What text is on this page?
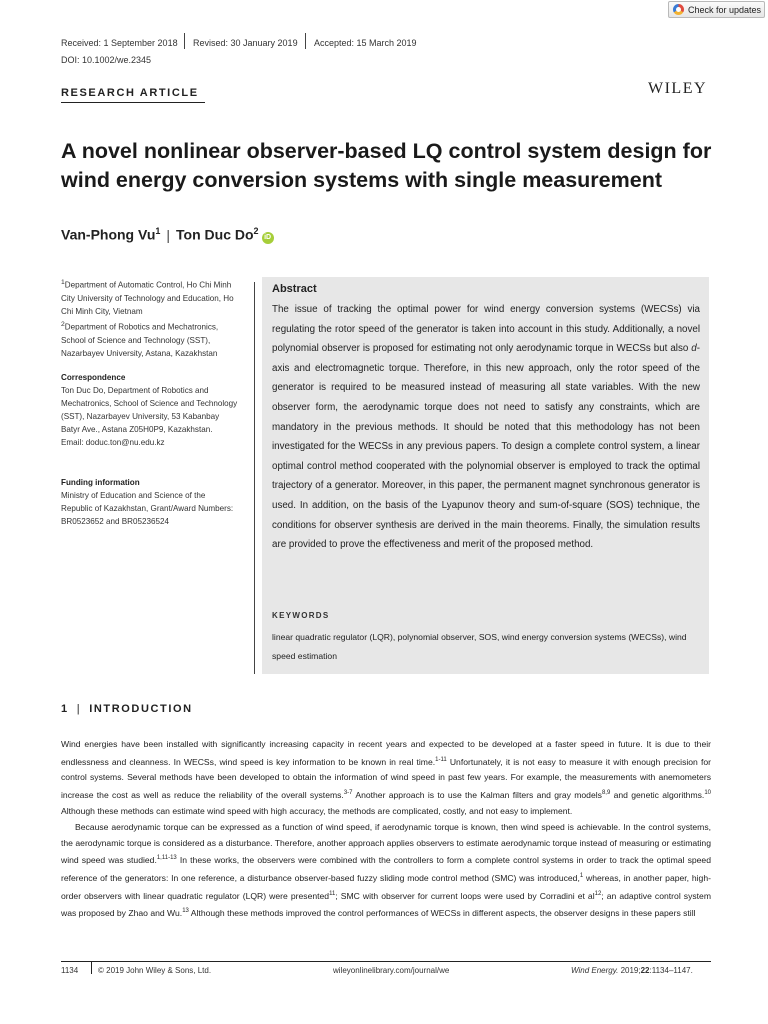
Check for updates
Received: 1 September 2018 Revised: 30 January 2019 Accepted: 15 March 2019
DOI: 10.1002/we.2345
RESEARCH ARTICLE	WILEY
A novel nonlinear observer-based LQ control system design for wind energy conversion systems with single measurement
Van-Phong Vu$^1$ | Ton Duc Do$^2$iD
$^1$Department of Automatic Control, Ho Chi Minh City University of Technology and Education, Ho Chi Minh City, Vietnam
$^2$Department of Robotics and Mechatronics, School of Science and Technology (SST), Nazarbayev University, Astana, Kazakhstan
Correspondence
Ton Duc Do, Department of Robotics and Mechatronics, School of Science and Technology (SST), Nazarbayev University, 53 Kabanbay Batyr Ave., Astana Z05H0P9, Kazakhstan.
Email: doduc.ton@nu.edu.kz
Funding information
Ministry of Education and Science of the Republic of Kazakhstan, Grant/Award Numbers: BR0523652 and BR05236524
Abstract
The issue of tracking the optimal power for wind energy conversion systems (WECSs) via regulating the rotor speed of the generator is taken into account in this study. Additionally, a novel polynomial observer is proposed for estimating not only aerodynamic torque in WECSs but also d-axis and electromagnetic torque. Therefore, in this new approach, only the rotor speed of the generator is required to be measured instead of measuring all state variables. With the new observer form, the aerodynamic torque does not need to satisfy any constraints, which are mandatory in the previous methods. It should be noted that this methodology has not been investigated for the WECSs in any previous papers. To design a complete control system, a linear optimal control method cooperated with the polynomial observer is employed to track the optimal trajectory of a generator. Moreover, in this paper, the permanent magnet synchronous generator is used. In addition, on the basis of the Lyapunov theory and sum-of-square (SOS) technique, the conditions for observer synthesis are derived in the main theorems. Finally, the simulation results are provided to prove the effectiveness and merit of the proposed method.
KEYWORDS
linear quadratic regulator (LQR), polynomial observer, SOS, wind energy conversion systems (WECSs), wind speed estimation
1 | INTRODUCTION

Wind energies have been installed with significantly increasing capacity in recent years and expected to be developed at a faster speed in future. It is due to their endlessness and cleanness. In WECSs, wind speed is key information to be known in real time.$^{1-11}$ Unfortunately, it is not easy to measure it with enough precision for control systems. Several methods have been developed to obtain the information of wind speed in past few years. For example, the measurements with anemometers increase the cost as well as reduce the reliability of the overall systems.$^{3-7}$ Another approach is to use the Kalman filters and gray models$^{8,9}$ and genetic algorithms.$^{10}$ Although these methods can estimate wind speed with high accuracy, the methods are complicated, costly, and not easy to implement.

Because aerodynamic torque can be expressed as a function of wind speed, if aerodynamic torque is known, then wind speed is achievable. In the control systems, the aerodynamic torque is considered as a disturbance. Therefore, another approach applies observers to estimate aerodynamic torque instead of measuring or estimating wind speed was studied.$^{1,11-13}$ In these works, the observers were combined with the controllers to form a complete control systems in order to track the optimal speed reference of the generators: In one reference, a disturbance observer-based fuzzy sliding mode control method (SMC) was introduced,$^1$ whereas, in another paper, high-order observers with linear quadratic regulator (LQR) were presented$^{11}$; SMC with observer for current loops were used by Corradini et al$^{12}$; an adaptive control system was proposed by Zhao and Wu.$^{13}$ Although these methods improved the control performances of WECSs in different aspects, the observer designs in these papers still

1134 © 2019 John Wiley & Sons, Ltd.	wileyonlinelibrary.com/journal/we	Wind Energy. 2019;22:1134–1147.
